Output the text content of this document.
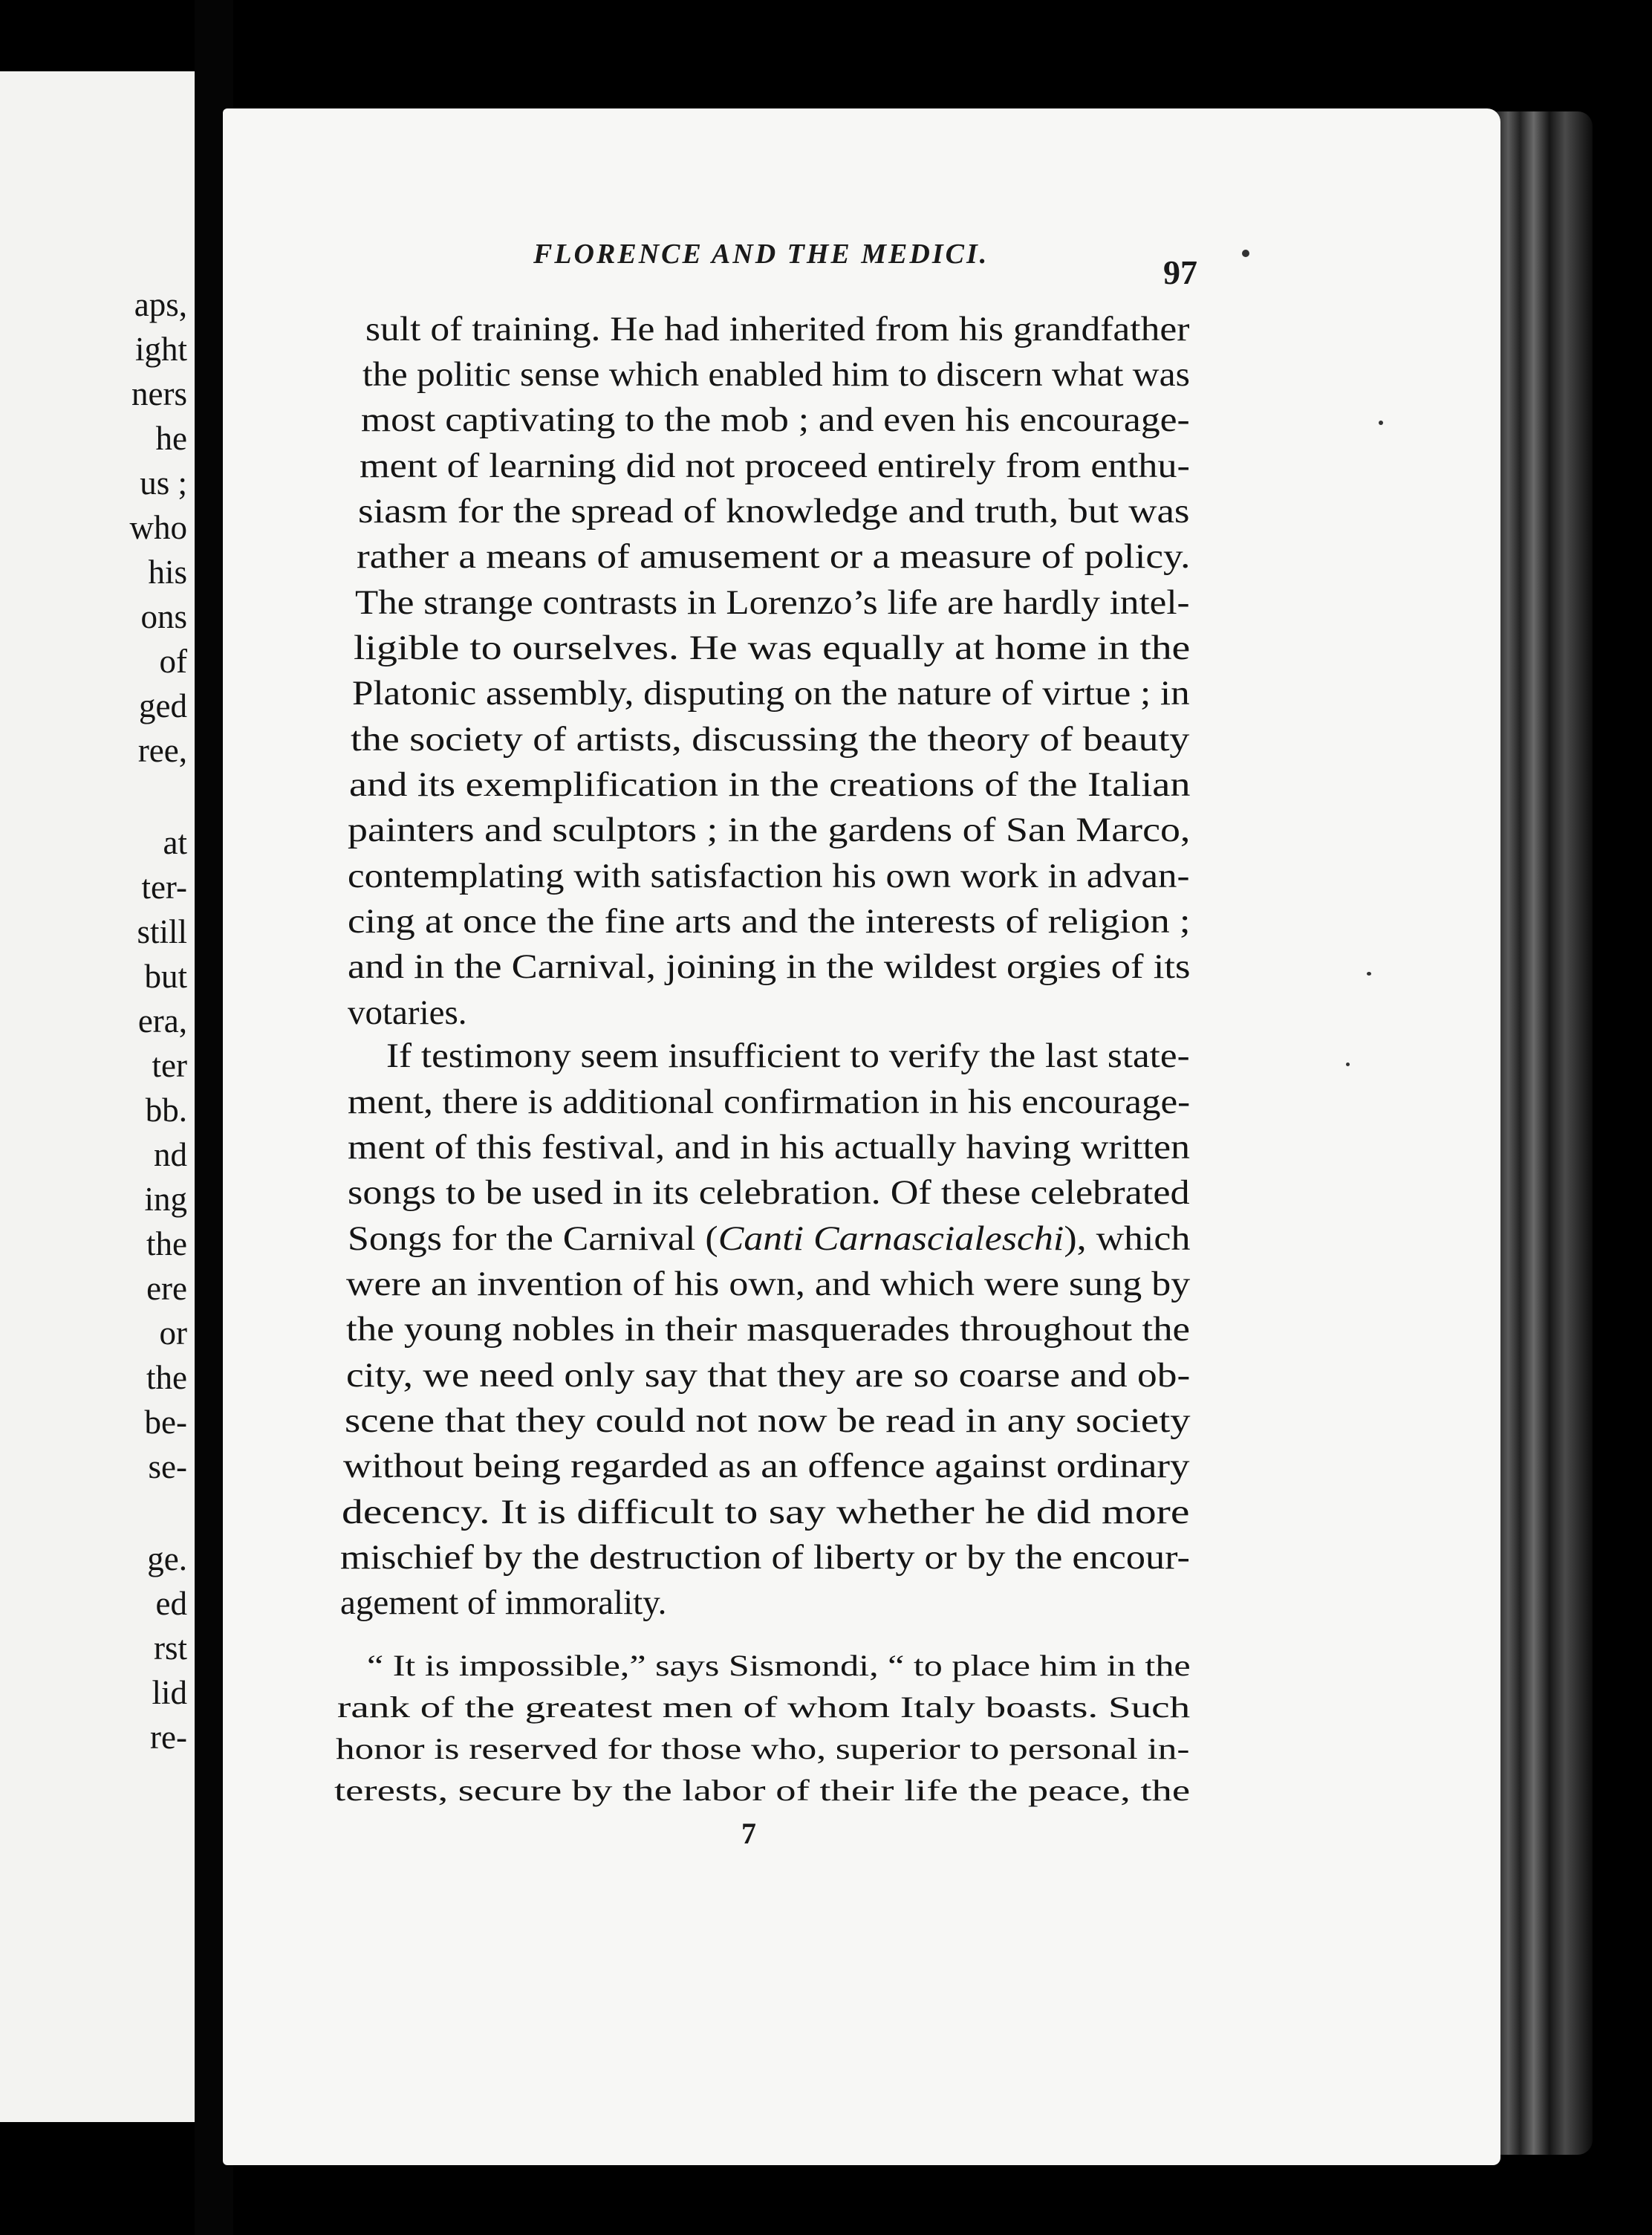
aps,
ight
ners
he
us ;
who
his
ons
of
ged
ree,
at
ter-
still
but
era,
ter
bb.
nd
ing
the
ere
or
the
be-
se-
ge.
ed
rst
lid
re-
FLORENCE AND THE MEDICI.	97
sult of training. He had inherited from his grandfather
the politic sense which enabled him to discern what was
most captivating to the mob ; and even his encourage-
ment of learning did not proceed entirely from enthu-
siasm for the spread of knowledge and truth, but was
rather a means of amusement or a measure of policy.
The strange contrasts in Lorenzo’s life are hardly intel-
ligible to ourselves. He was equally at home in the
Platonic assembly, disputing on the nature of virtue ; in
the society of artists, discussing the theory of beauty
and its exemplification in the creations of the Italian
painters and sculptors ; in the gardens of San Marco,
contemplating with satisfaction his own work in advan-
cing at once the fine arts and the interests of religion ;
and in the Carnival, joining in the wildest orgies of its
votaries.
If testimony seem insufficient to verify the last state-
ment, there is additional confirmation in his encourage-
ment of this festival, and in his actually having written
songs to be used in its celebration. Of these celebrated
Songs for the Carnival (Canti Carnascialeschi), which
were an invention of his own, and which were sung by
the young nobles in their masquerades throughout the
city, we need only say that they are so coarse and ob-
scene that they could not now be read in any society
without being regarded as an offence against ordinary
decency. It is difficult to say whether he did more
mischief by the destruction of liberty or by the encour-
agement of immorality.
“ It is impossible,” says Sismondi, “ to place him in the
rank of the greatest men of whom Italy boasts. Such
honor is reserved for those who, superior to personal in-
terests, secure by the labor of their life the peace, the
7
